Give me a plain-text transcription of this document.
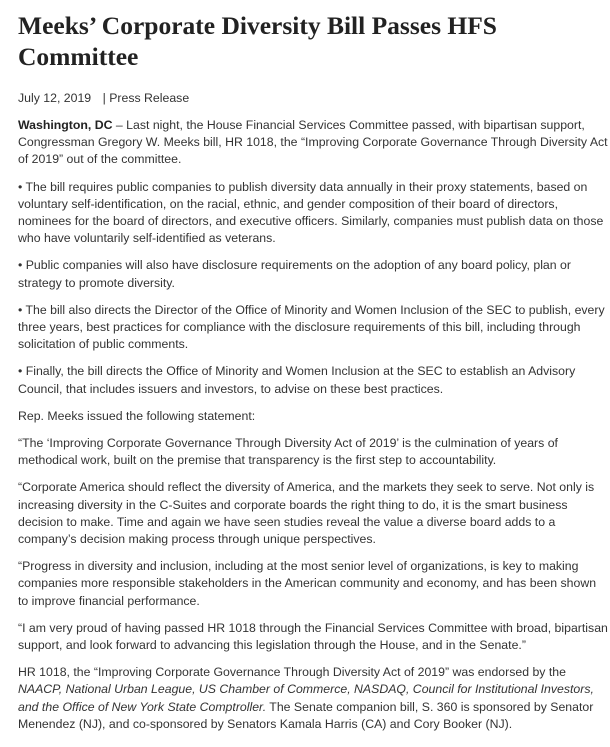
Meeks’ Corporate Diversity Bill Passes HFS Committee
July 12, 2019 | Press Release

Washington, DC – Last night, the House Financial Services Committee passed, with bipartisan support, Congressman Gregory W. Meeks bill, HR 1018, the “Improving Corporate Governance Through Diversity Act of 2019” out of the committee.

• The bill requires public companies to publish diversity data annually in their proxy statements, based on voluntary self-identification, on the racial, ethnic, and gender composition of their board of directors, nominees for the board of directors, and executive officers. Similarly, companies must publish data on those who have voluntarily self-identified as veterans.

• Public companies will also have disclosure requirements on the adoption of any board policy, plan or strategy to promote diversity.

• The bill also directs the Director of the Office of Minority and Women Inclusion of the SEC to publish, every three years, best practices for compliance with the disclosure requirements of this bill, including through solicitation of public comments.

• Finally, the bill directs the Office of Minority and Women Inclusion at the SEC to establish an Advisory Council, that includes issuers and investors, to advise on these best practices.

Rep. Meeks issued the following statement:

“The ‘Improving Corporate Governance Through Diversity Act of 2019’ is the culmination of years of methodical work, built on the premise that transparency is the first step to accountability.

“Corporate America should reflect the diversity of America, and the markets they seek to serve. Not only is increasing diversity in the C-Suites and corporate boards the right thing to do, it is the smart business decision to make. Time and again we have seen studies reveal the value a diverse board adds to a company’s decision making process through unique perspectives.

“Progress in diversity and inclusion, including at the most senior level of organizations, is key to making companies more responsible stakeholders in the American community and economy, and has been shown to improve financial performance.

“I am very proud of having passed HR 1018 through the Financial Services Committee with broad, bipartisan support, and look forward to advancing this legislation through the House, and in the Senate.”

HR 1018, the “Improving Corporate Governance Through Diversity Act of 2019” was endorsed by the NAACP, National Urban League, US Chamber of Commerce, NASDAQ, Council for Institutional Investors, and the Office of New York State Comptroller. The Senate companion bill, S. 360 is sponsored by Senator Menendez (NJ), and co-sponsored by Senators Kamala Harris (CA) and Cory Booker (NJ).
